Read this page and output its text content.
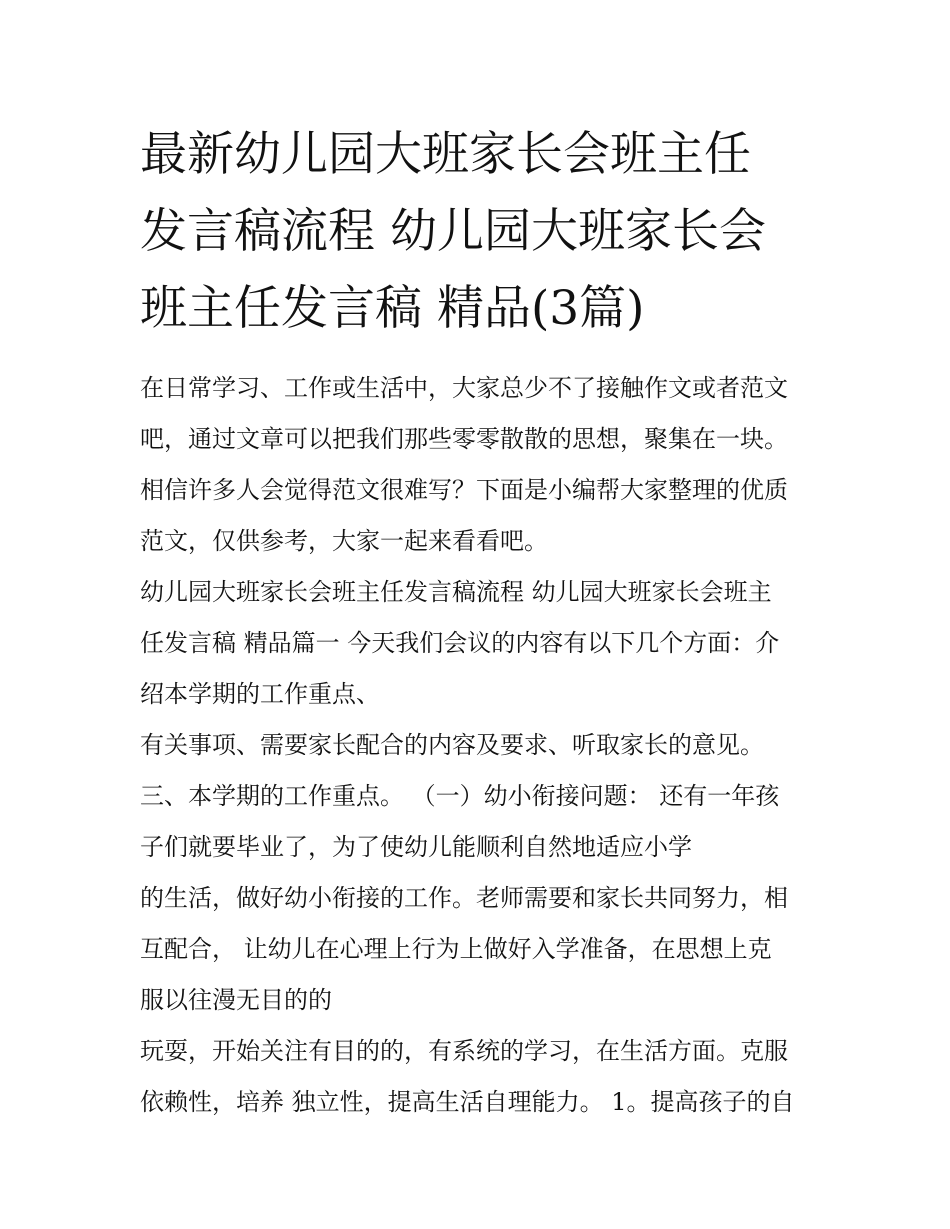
最新幼儿园大班家长会班主任
发言稿流程 幼儿园大班家长会
班主任发言稿 精品(3篇)
在日常学习、工作或生活中，大家总少不了接触作文或者范文
吧，通过文章可以把我们那些零零散散的思想，聚集在一块。
相信许多人会觉得范文很难写？下面是小编帮大家整理的优质
范文，仅供参考，大家一起来看看吧。
幼儿园大班家长会班主任发言稿流程 幼儿园大班家长会班主
任发言稿 精品篇一 今天我们会议的内容有以下几个方面：介
绍本学期的工作重点、
有关事项、需要家长配合的内容及要求、听取家长的意见。
三、本学期的工作重点。 （一）幼小衔接问题： 还有一年孩
子们就要毕业了，为了使幼儿能顺利自然地适应小学
的生活，做好幼小衔接的工作。老师需要和家长共同努力，相
互配合， 让幼儿在心理上行为上做好入学准备，在思想上克
服以往漫无目的的
玩耍，开始关注有目的的，有系统的学习，在生活方面。克服
依赖性，培养 独立性，提高生活自理能力。 1。提高孩子的自
